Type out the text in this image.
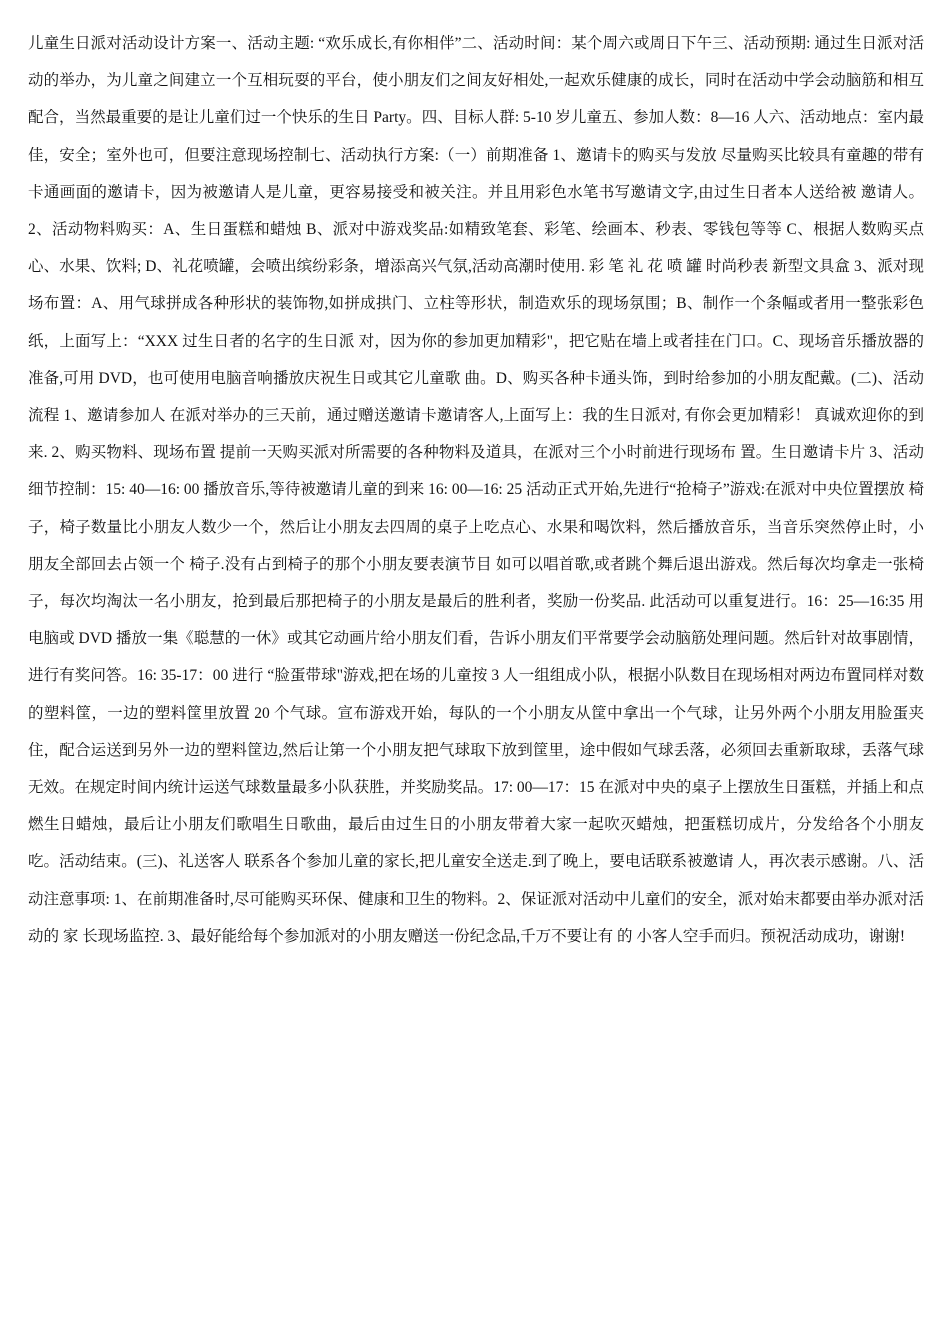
儿童生日派对活动设计方案一、活动主题: “欢乐成长,有你相伴”二、活动时间：某个周六或周日下午三、活动预期: 通过生日派对活动的举办，为儿童之间建立一个互相玩耍的平台，使小朋友们之间友好相处,一起欢乐健康的成长，同时在活动中学会动脑筋和相互配合，当然最重要的是让儿童们过一个快乐的生日 Party。四、目标人群: 5-10 岁儿童五、参加人数：8—16 人六、活动地点：室内最佳，安全；室外也可，但要注意现场控制七、活动执行方案:（一）前期准备 1、邀请卡的购买与发放 尽量购买比较具有童趣的带有卡通画面的邀请卡，因为被邀请人是儿童，更容易接受和被关注。并且用彩色水笔书写邀请文字,由过生日者本人送给被 邀请人。2、活动物料购买：A、生日蛋糕和蜡烛 B、派对中游戏奖品:如精致笔套、彩笔、绘画本、秒表、零钱包等等 C、根据人数购买点心、水果、饮料; D、礼花喷罐，会喷出缤纷彩条，增添高兴气氛,活动高潮时使用. 彩 笔 礼 花 喷 罐 时尚秒表 新型文具盒 3、派对现场布置：A、用气球拼成各种形状的装饰物,如拼成拱门、立柱等形状，制造欢乐的现场氛围；B、制作一个条幅或者用一整张彩色纸，上面写上：“XXX 过生日者的名字的生日派 对，因为你的参加更加精彩"，把它贴在墙上或者挂在门口。C、现场音乐播放器的准备,可用 DVD，也可使用电脑音响播放庆祝生日或其它儿童歌 曲。D、购买各种卡通头饰，到时给参加的小朋友配戴。(二)、活动流程 1、邀请参加人 在派对举办的三天前，通过赠送邀请卡邀请客人,上面写上：我的生日派对, 有你会更加精彩！ 真诚欢迎你的到来. 2、购买物料、现场布置 提前一天购买派对所需要的各种物料及道具，在派对三个小时前进行现场布 置。生日邀请卡片 3、活动细节控制：15: 40—16: 00 播放音乐,等待被邀请儿童的到来 16: 00—16: 25 活动正式开始,先进行“抢椅子”游戏:在派对中央位置摆放 椅子，椅子数量比小朋友人数少一个，然后让小朋友去四周的桌子上吃点心、水果和喝饮料，然后播放音乐，当音乐突然停止时，小朋友全部回去占领一个 椅子.没有占到椅子的那个小朋友要表演节目 如可以唱首歌,或者跳个舞后退出游戏。然后每次均拿走一张椅子，每次均淘汰一名小朋友，抢到最后那把椅子的小朋友是最后的胜利者，奖励一份奖品. 此活动可以重复进行。16：25—16:35 用电脑或 DVD 播放一集《聪慧的一休》或其它动画片给小朋友们看，告诉小朋友们平常要学会动脑筋处理问题。然后针对故事剧情，进行有奖问答。16: 35-17：00 进行 “脸蛋带球"游戏,把在场的儿童按 3 人一组组成小队，根据小队数目在现场相对两边布置同样对数的塑料筐，一边的塑料筐里放置 20 个气球。宣布游戏开始，每队的一个小朋友从筐中拿出一个气球，让另外两个小朋友用脸蛋夹住，配合运送到另外一边的塑料筐边,然后让第一个小朋友把气球取下放到筐里，途中假如气球丢落，必须回去重新取球，丢落气球无效。在规定时间内统计运送气球数量最多小队获胜，并奖励奖品。17: 00—17：15 在派对中央的桌子上摆放生日蛋糕，并插上和点燃生日蜡烛，最后让小朋友们歌唱生日歌曲，最后由过生日的小朋友带着大家一起吹灭蜡烛，把蛋糕切成片，分发给各个小朋友吃。活动结束。(三)、礼送客人 联系各个参加儿童的家长,把儿童安全送走.到了晚上，要电话联系被邀请 人，再次表示感谢。八、活动注意事项: 1、在前期准备时,尽可能购买环保、健康和卫生的物料。2、保证派对活动中儿童们的安全，派对始末都要由举办派对活动的 家 长现场监控. 3、最好能给每个参加派对的小朋友赠送一份纪念品,千万不要让有 的 小客人空手而归。预祝活动成功，谢谢!
